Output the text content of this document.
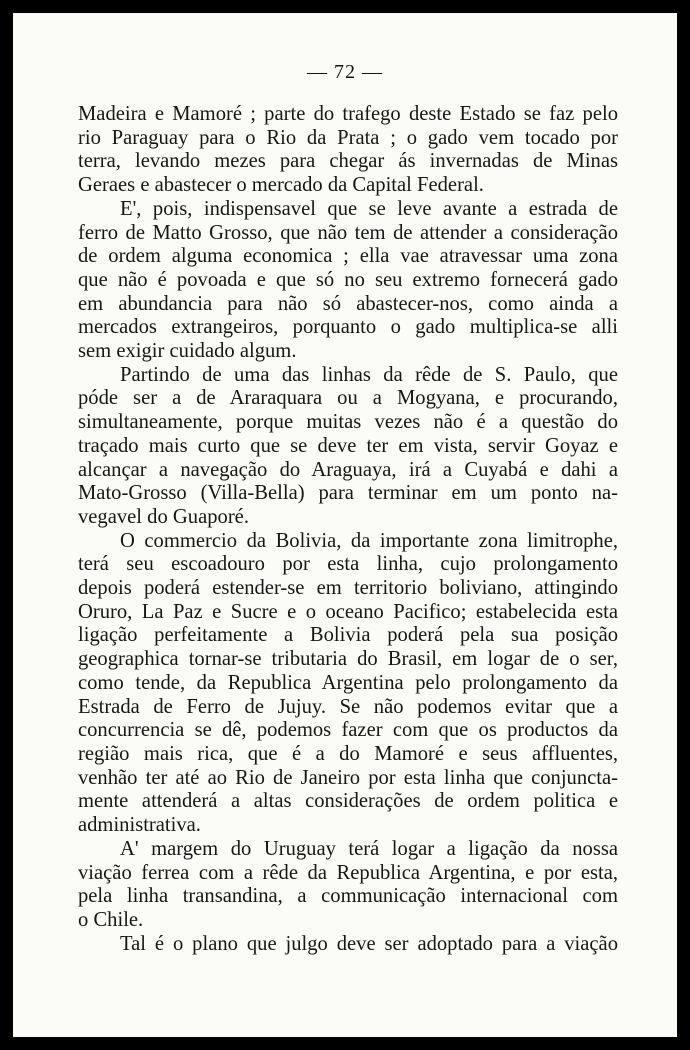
— 72 —
Madeira e Mamoré ; parte do trafego deste Estado se faz pelo
rio Paraguay para o Rio da Prata ; o gado vem tocado por
terra, levando mezes para chegar ás invernadas de Minas
Geraes e abastecer o mercado da Capital Federal.
E', pois, indispensavel que se leve avante a estrada de
ferro de Matto Grosso, que não tem de attender a consideração
de ordem alguma economica ; ella vae atravessar uma zona
que não é povoada e que só no seu extremo fornecerá gado
em abundancia para não só abastecer-nos, como ainda a
mercados extrangeiros, porquanto o gado multiplica-se alli
sem exigir cuidado algum.
Partindo de uma das linhas da rêde de S. Paulo, que
póde ser a de Araraquara ou a Mogyana, e procurando,
simultaneamente, porque muitas vezes não é a questão do
traçado mais curto que se deve ter em vista, servir Goyaz e
alcançar a navegação do Araguaya, irá a Cuyabá e dahi a
Mato-Grosso (Villa-Bella) para terminar em um ponto na-
vegavel do Guaporé.
O commercio da Bolivia, da importante zona limitrophe,
terá seu escoadouro por esta linha, cujo prolongamento
depois poderá estender-se em territorio boliviano, attingindo
Oruro, La Paz e Sucre e o oceano Pacifico; estabelecida esta
ligação perfeitamente a Bolivia poderá pela sua posição
geographica tornar-se tributaria do Brasil, em logar de o ser,
como tende, da Republica Argentina pelo prolongamento da
Estrada de Ferro de Jujuy. Se não podemos evitar que a
concurrencia se dê, podemos fazer com que os productos da
região mais rica, que é a do Mamoré e seus affluentes,
venhão ter até ao Rio de Janeiro por esta linha que conjuncta-
mente attenderá a altas considerações de ordem politica e
administrativa.
A' margem do Uruguay terá logar a ligação da nossa
viação ferrea com a rêde da Republica Argentina, e por esta,
pela linha transandina, a communicação internacional com
o Chile.
Tal é o plano que julgo deve ser adoptado para a viação
